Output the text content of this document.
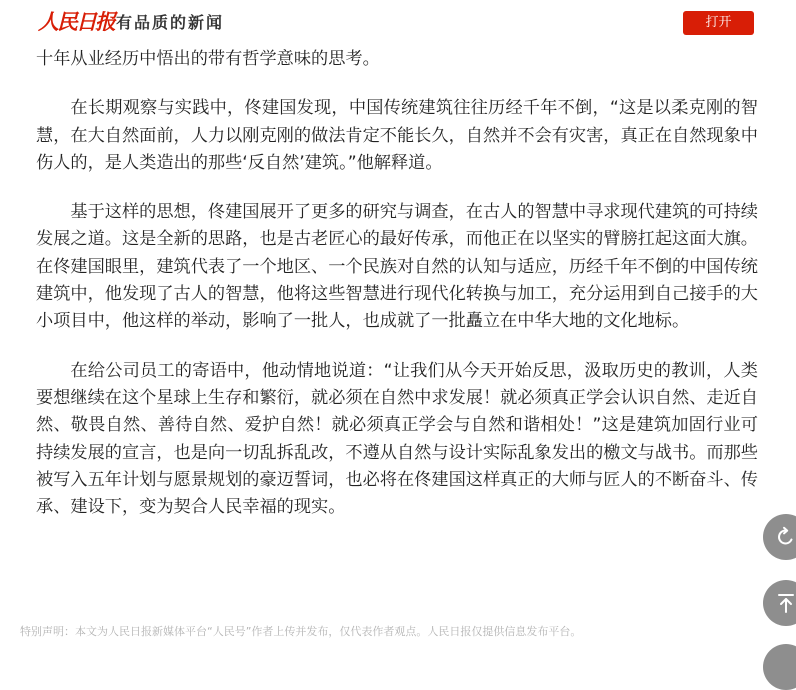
人民日报 有品质的新闻	打开

十年从业经历中悟出的带有哲学意味的思考。

在长期观察与实践中，佟建国发现，中国传统建筑往往历经千年不倒，“这是以柔克刚的智慧，在大自然面前，人力以刚克刚的做法肯定不能长久，自然并不会有灾害，真正在自然现象中伤人的，是人类造出的那些‘反自然’建筑。”他解释道。

基于这样的思想，佟建国展开了更多的研究与调查，在古人的智慧中寻求现代建筑的可持续发展之道。这是全新的思路，也是古老匠心的最好传承，而他正在以坚实的臂膀扛起这面大旗。在佟建国眼里，建筑代表了一个地区、一个民族对自然的认知与适应，历经千年不倒的中国传统建筑中，他发现了古人的智慧，他将这些智慧进行现代化转换与加工，充分运用到自己接手的大小项目中，他这样的举动，影响了一批人，也成就了一批矗立在中华大地的文化地标。

在给公司员工的寄语中，他动情地说道：“让我们从今天开始反思，汲取历史的教训，人类要想继续在这个星球上生存和繁衍，就必须在自然中求发展！就必须真正学会认识自然、走近自然、敬畏自然、善待自然、爱护自然！就必须真正学会与自然和谐相处！”这是建筑加固行业可持续发展的宣言，也是向一切乱拆乱改，不遵从自然与设计实际乱象发出的檄文与战书。而那些被写入五年计划与愿景规划的豪迈誓词，也必将在佟建国这样真正的大师与匠人的不断奋斗、传承、建设下，变为契合人民幸福的现实。

特别声明：本文为人民日报新媒体平台“人民号”作者上传并发布，仅代表作者观点。人民日报仅提供信息发布平台。
